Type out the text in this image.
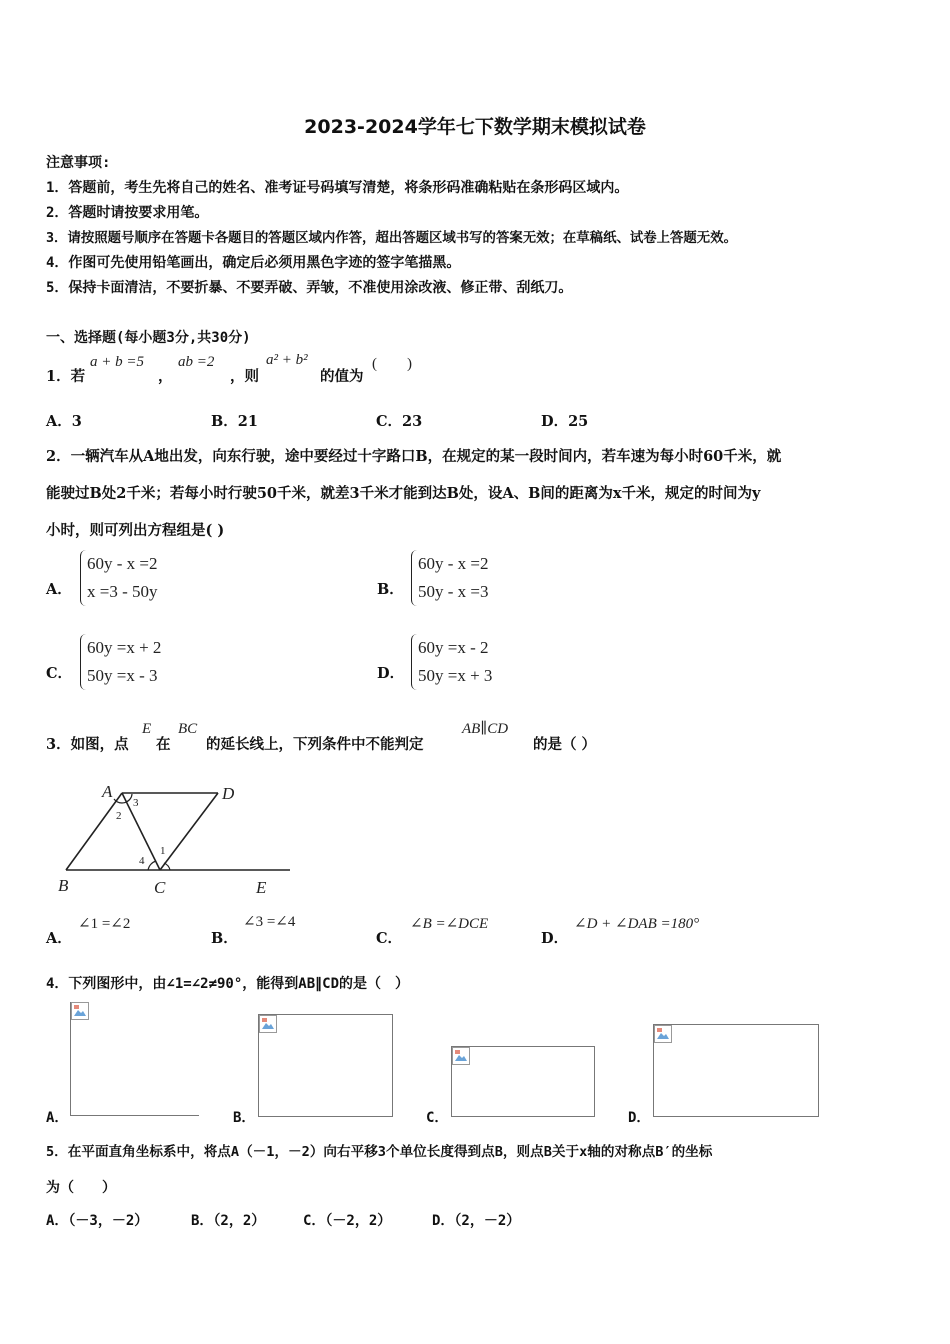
2023-2024学年七下数学期末模拟试卷
注意事项:
1．答题前，考生先将自己的姓名、准考证号码填写清楚，将条形码准确粘贴在条形码区域内。
2．答题时请按要求用笔。
3．请按照题号顺序在答题卡各题目的答题区域内作答，超出答题区域书写的答案无效；在草稿纸、试卷上答题无效。
4．作图可先使用铅笔画出，确定后必须用黑色字迹的签字笔描黑。
5．保持卡面清洁，不要折暴、不要弄破、弄皱，不准使用涂改液、修正带、刮纸刀。
一、选择题(每小题3分,共30分)
1．若
a + b =5
，
ab =2
，则
a² + b²
的值为
(　　)
A．3	B．21	C．23	D．25
2．一辆汽车从A地出发，向东行驶，途中要经过十字路口B，在规定的某一段时间内，若车速为每小时60千米，就
能驶过B处2千米；若每小时行驶50千米，就差3千米才能到达B处，设A、B间的距离为x千米，规定的时间为y
小时，则可列出方程组是( )
A．
60y - x =2
x =3 - 50y	B．
60y - x =2
50y - x =3
C．
60y =x + 2
50y =x - 3	D．
60y =x - 2
50y =x + 3
3．如图，点
E
在
BC
的延长线上，下列条件中不能判定
AB∥CD
的是（ ）
A	D
B	C	E
3
2
1
4
A．
∠1 =∠2
B．
∠3 =∠4
C．
∠B =∠DCE
D．
∠D + ∠DAB =180°
4．下列图形中，由∠1=∠2≠90°，能得到AB∥CD的是（　）
A．	B．	C．	D．
5．在平面直角坐标系中，将点A（－1，－2）向右平移3个单位长度得到点B，则点B关于x轴的对称点B′的坐标
为（　　）
A．（－3，－2）	B．（2，2）	C．（－2，2）	D．（2，－2）
